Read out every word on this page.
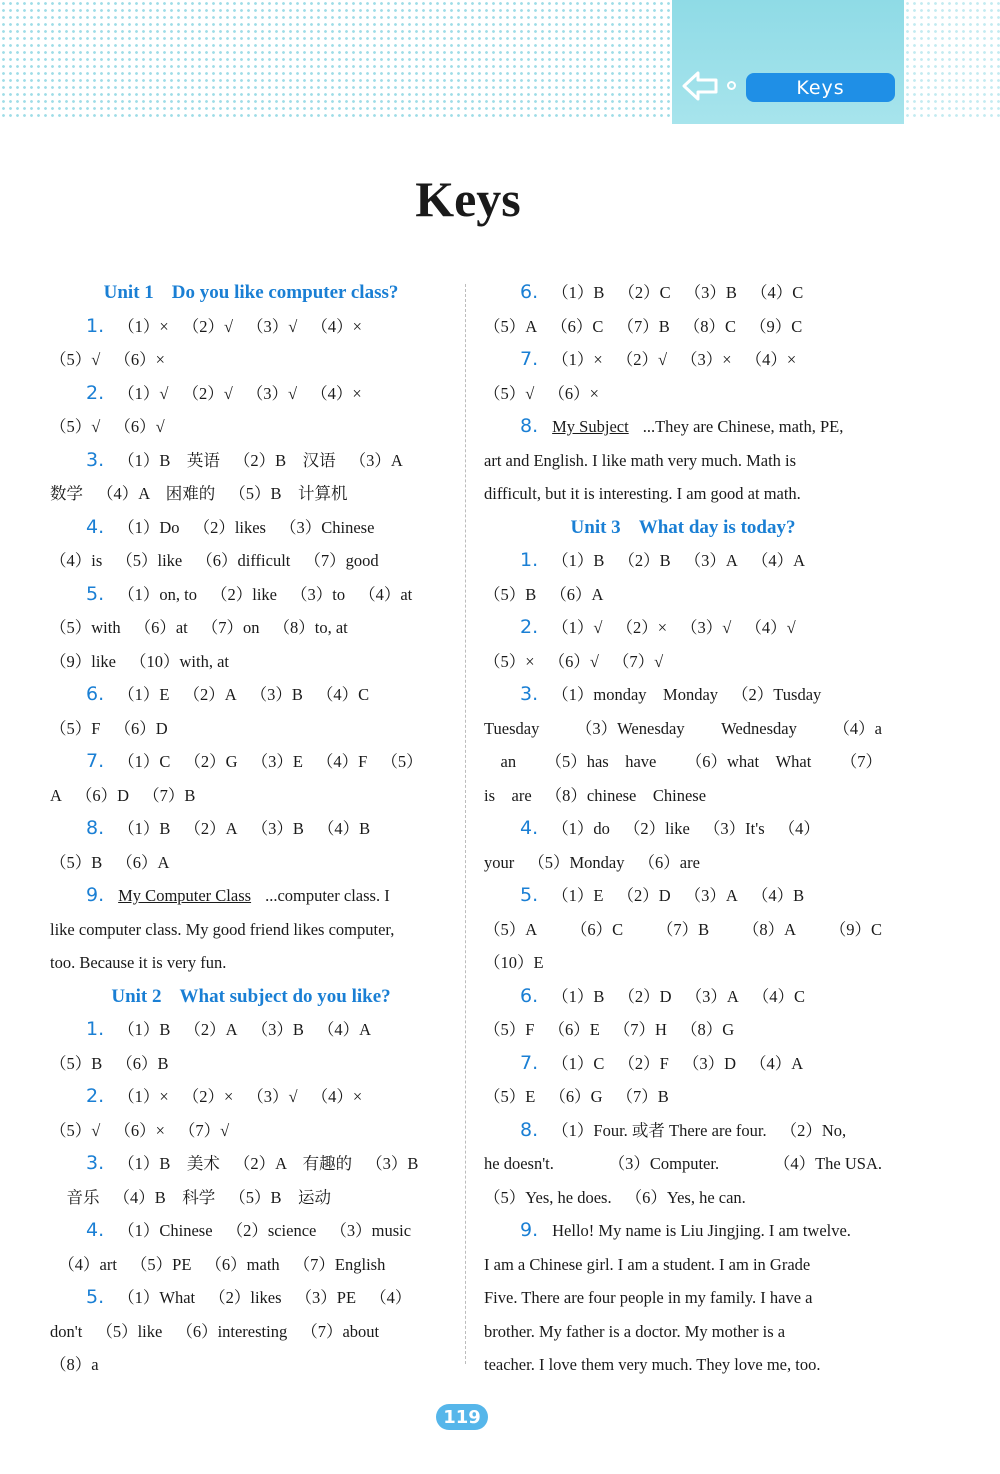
Keys
Keys
Unit 1 Do you like computer class?
1. （1）× （2）√ （3）√ （4）×
（5）√ （6）×
2. （1）√ （2）√ （3）√ （4）×
（5）√ （6）√
3. （1）B　英语 （2）B　汉语 （3）A
数学 （4）A　困难的 （5）B　计算机
4. （1）Do （2）likes （3）Chinese
（4）is （5）like （6）difficult （7）good
5. （1）on, to （2）like （3）to （4）at
（5）with （6）at （7）on （8）to, at
（9）like （10）with, at
6. （1）E （2）A （3）B （4）C
（5）F （6）D
7. （1）C （2）G （3）E （4）F （5）
A （6）D （7）B
8. （1）B （2）A （3）B （4）B
（5）B （6）A
9. My Computer Class ...computer class. I
like computer class. My good friend likes computer,
too. Because it is very fun.
Unit 2 What subject do you like?
1. （1）B （2）A （3）B （4）A
（5）B （6）B
2. （1）× （2）× （3）√ （4）×
（5）√ （6）× （7）√
3. （1）B　美术 （2）A　有趣的 （3）B
　音乐 （4）B　科学 （5）B　运动
4. （1）Chinese （2）science （3）music
　（4）art （5）PE （6）math （7）English
5. （1）What （2）likes （3）PE （4）
don't （5）like （6）interesting （7）about
（8）a
6. （1）B （2）C （3）B （4）C
（5）A （6）C （7）B （8）C （9）C
7. （1）× （2）√ （3）× （4）×
（5）√ （6）×
8. My Subject ...They are Chinese, math, PE,
art and English. I like math very much. Math is
difficult, but it is interesting. I am good at math.
Unit 3 What day is today?
1. （1）B （2）B （3）A （4）A
（5）B （6）A
2. （1）√ （2）× （3）√ （4）√
（5）× （6）√ （7）√
3. （1）monday　Monday （2）Tusday
Tuesday （3）Wenesday Wednesday （4）a
　an （5）has　have （6）what　What （7）
is　are （8）chinese　Chinese
4. （1）do （2）like （3）It's （4）
your （5）Monday （6）are
5. （1）E （2）D （3）A （4）B
（5）A （6）C （7）B （8）A （9）C
（10）E
6. （1）B （2）D （3）A （4）C
（5）F （6）E （7）H （8）G
7. （1）C （2）F （3）D （4）A
（5）E （6）G （7）B
8. （1）Four. 或者 There are four. （2）No,
he doesn't.	（3）Computer.	（4）The USA.
（5）Yes, he does. （6）Yes, he can.
9. Hello! My name is Liu Jingjing. I am twelve.
I am a Chinese girl. I am a student. I am in Grade
Five. There are four people in my family. I have a
brother. My father is a doctor. My mother is a
teacher. I love them very much. They love me, too.
119
